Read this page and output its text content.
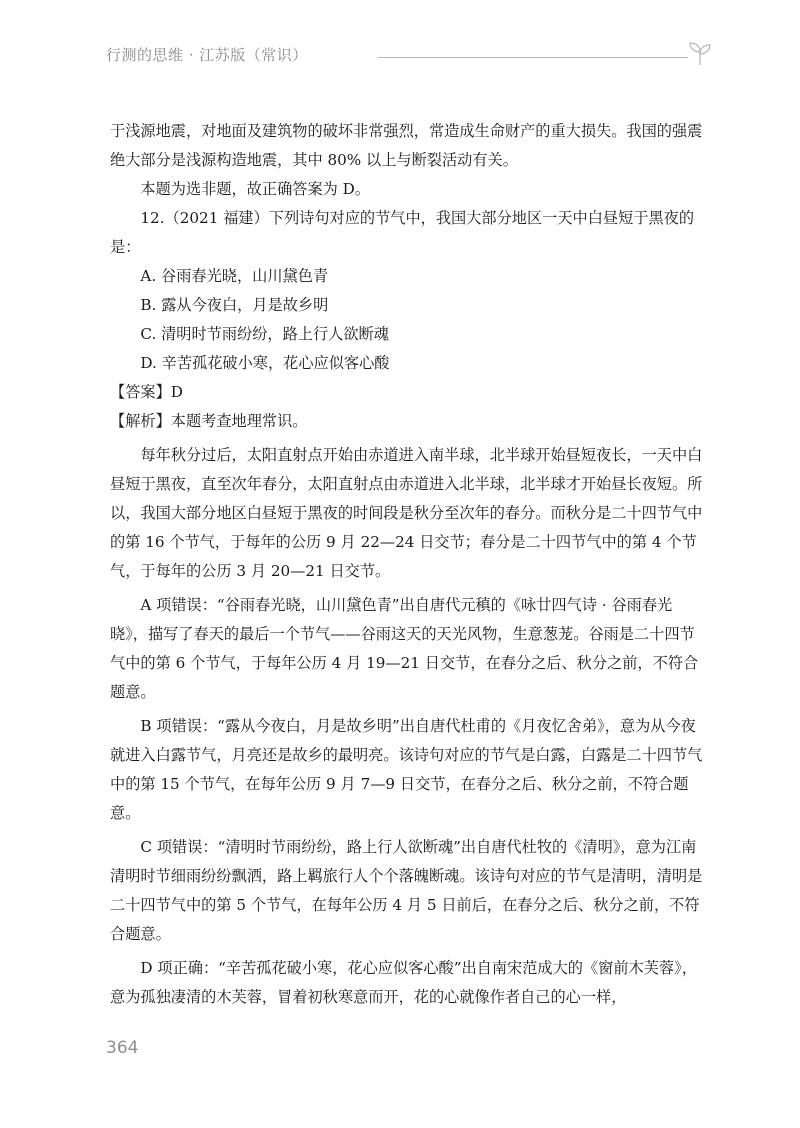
行测的思维 · 江苏版（常识）

于浅源地震，对地面及建筑物的破坏非常强烈，常造成生命财产的重大损失。我国的强震绝大部分是浅源构造地震，其中 80% 以上与断裂活动有关。

本题为选非题，故正确答案为 D。

12.（2021 福建）下列诗句对应的节气中，我国大部分地区一天中白昼短于黑夜的是：

A. 谷雨春光晓，山川黛色青

B. 露从今夜白，月是故乡明

C. 清明时节雨纷纷，路上行人欲断魂

D. 辛苦孤花破小寒，花心应似客心酸

【答案】D

【解析】本题考查地理常识。

每年秋分过后，太阳直射点开始由赤道进入南半球，北半球开始昼短夜长，一天中白昼短于黑夜，直至次年春分，太阳直射点由赤道进入北半球，北半球才开始昼长夜短。所以，我国大部分地区白昼短于黑夜的时间段是秋分至次年的春分。而秋分是二十四节气中的第 16 个节气，于每年的公历 9 月 22—24 日交节；春分是二十四节气中的第 4 个节气，于每年的公历 3 月 20—21 日交节。

A 项错误：“谷雨春光晓，山川黛色青”出自唐代元稹的《咏廿四气诗 · 谷雨春光晓》，描写了春天的最后一个节气——谷雨这天的天光风物，生意葱茏。谷雨是二十四节气中的第 6 个节气，于每年公历 4 月 19—21 日交节，在春分之后、秋分之前，不符合题意。

B 项错误：“露从今夜白，月是故乡明”出自唐代杜甫的《月夜忆舍弟》，意为从今夜就进入白露节气，月亮还是故乡的最明亮。该诗句对应的节气是白露，白露是二十四节气中的第 15 个节气，在每年公历 9 月 7—9 日交节，在春分之后、秋分之前，不符合题意。

C 项错误：“清明时节雨纷纷，路上行人欲断魂”出自唐代杜牧的《清明》，意为江南清明时节细雨纷纷飘洒，路上羁旅行人个个落魄断魂。该诗句对应的节气是清明，清明是二十四节气中的第 5 个节气，在每年公历 4 月 5 日前后，在春分之后、秋分之前，不符合题意。

D 项正确：“辛苦孤花破小寒，花心应似客心酸”出自南宋范成大的《窗前木芙蓉》，意为孤独凄清的木芙蓉，冒着初秋寒意而开，花的心就像作者自己的心一样，

364
